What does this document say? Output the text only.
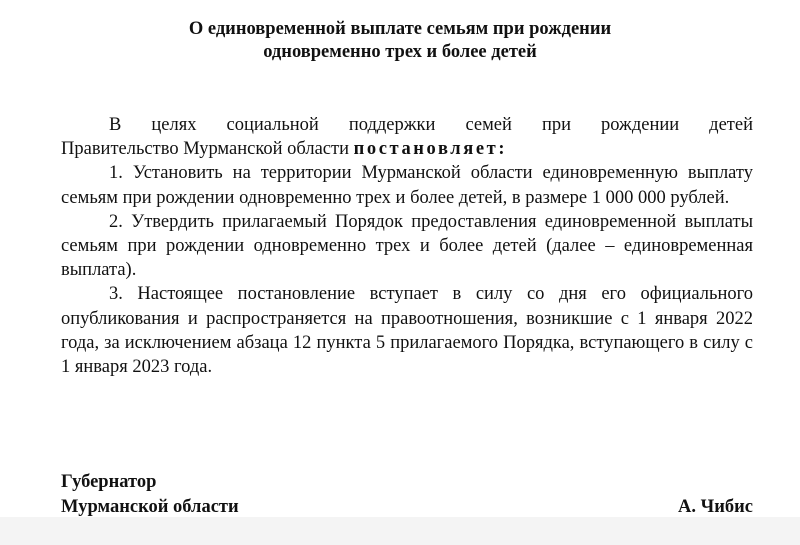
О единовременной выплате семьям при рождении
одновременно трех и более детей
В целях социальной поддержки семей при рождении детей
Правительство Мурманской области постановляет:

1. Установить на территории Мурманской области единовременную выплату семьям при рождении одновременно трех и более детей, в размере 1 000 000 рублей.

2. Утвердить прилагаемый Порядок предоставления единовременной выплаты семьям при рождении одновременно трех и более детей (далее – единовременная выплата).

3. Настоящее постановление вступает в силу со дня его официального опубликования и распространяется на правоотношения, возникшие с 1 января 2022 года, за исключением абзаца 12 пункта 5 прилагаемого Порядка, вступающего в силу с 1 января 2023 года.

Губернатор
Мурманской области	А. Чибис
